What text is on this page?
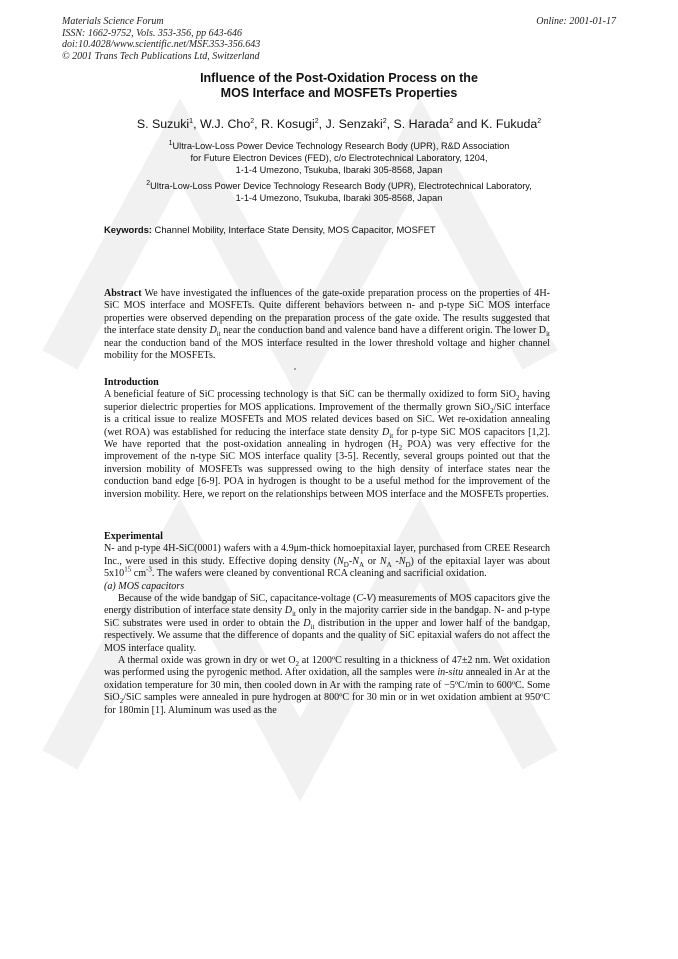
Materials Science Forum
ISSN: 1662-9752, Vols. 353-356, pp 643-646
doi:10.4028/www.scientific.net/MSF.353-356.643
© 2001 Trans Tech Publications Ltd, Switzerland
Online: 2001-01-17
Influence of the Post-Oxidation Process on the
MOS Interface and MOSFETs Properties
S. Suzuki$^1$, W.J. Cho$^2$, R. Kosugi$^2$, J. Senzaki$^2$, S. Harada$^2$ and K. Fukuda$^2$
$^1$Ultra-Low-Loss Power Device Technology Research Body (UPR), R&D Association
for Future Electron Devices (FED), c/o Electrotechnical Laboratory, 1204,
1-1-4 Umezono, Tsukuba, Ibaraki 305-8568, Japan
$^2$Ultra-Low-Loss Power Device Technology Research Body (UPR), Electrotechnical Laboratory,
1-1-4 Umezono, Tsukuba, Ibaraki 305-8568, Japan
Keywords: Channel Mobility, Interface State Density, MOS Capacitor, MOSFET

Abstract We have investigated the influences of the gate-oxide preparation process on the properties of 4H-SiC MOS interface and MOSFETs. Quite different behaviors between n- and p-type SiC MOS interface properties were observed depending on the preparation process of the gate oxide. The results suggested that the interface state density $D_{it}$ near the conduction band and valence band have a different origin. The lower $D_{it}$ near the conduction band of the MOS interface resulted in the lower threshold voltage and higher channel mobility for the MOSFETs.

Introduction

A beneficial feature of SiC processing technology is that SiC can be thermally oxidized to form SiO$_2$ having superior dielectric properties for MOS applications. Improvement of the thermally grown SiO$_2$/SiC interface is a critical issue to realize MOSFETs and MOS related devices based on SiC. Wet re-oxidation annealing (wet ROA) was established for reducing the interface state density $D_{it}$ for p-type SiC MOS capacitors [1,2]. We have reported that the post-oxidation annealing in hydrogen ($H_2$ POA) was very effective for the improvement of the n-type SiC MOS interface quality [3-5]. Recently, several groups pointed out that the inversion mobility of MOSFETs was suppressed owing to the high density of interface states near the conduction band edge [6-9]. POA in hydrogen is thought to be a useful method for the improvement of the inversion mobility. Here, we report on the relationships between MOS interface and the MOSFETs properties.

Experimental

N- and p-type 4H-SiC(0001) wafers with a 4.9μm-thick homoepitaxial layer, purchased from CREE Research Inc., were used in this study. Effective doping density ($N_D-N_A$ or $N_A$ $-N_D$) of the epitaxial layer was about $5x10^{15}$ $cm^{-3}$. The wafers were cleaned by conventional RCA cleaning and sacrificial oxidation.

(a) MOS capacitors

Because of the wide bandgap of SiC, capacitance-voltage (C-V) measurements of MOS capacitors give the energy distribution of interface state density $D_{it}$ only in the majority carrier side in the bandgap. N- and p-type SiC substrates were used in order to obtain the $D_{it}$ distribution in the upper and lower half of the bandgap, respectively. We assume that the difference of dopants and the quality of SiC epitaxial wafers do not affect the MOS interface quality.

A thermal oxide was grown in dry or wet $O_2$ at 1200ºC resulting in a thickness of 47±2 nm. Wet oxidation was performed using the pyrogenic method. After oxidation, all the samples were in-situ annealed in Ar at the oxidation temperature for 30 min, then cooled down in Ar with the ramping rate of −5ºC/min to 600ºC. Some SiO$_2$/SiC samples were annealed in pure hydrogen at 800ºC for 30 min or in wet oxidation ambient at 950ºC for 180min [1]. Aluminum was used as the
